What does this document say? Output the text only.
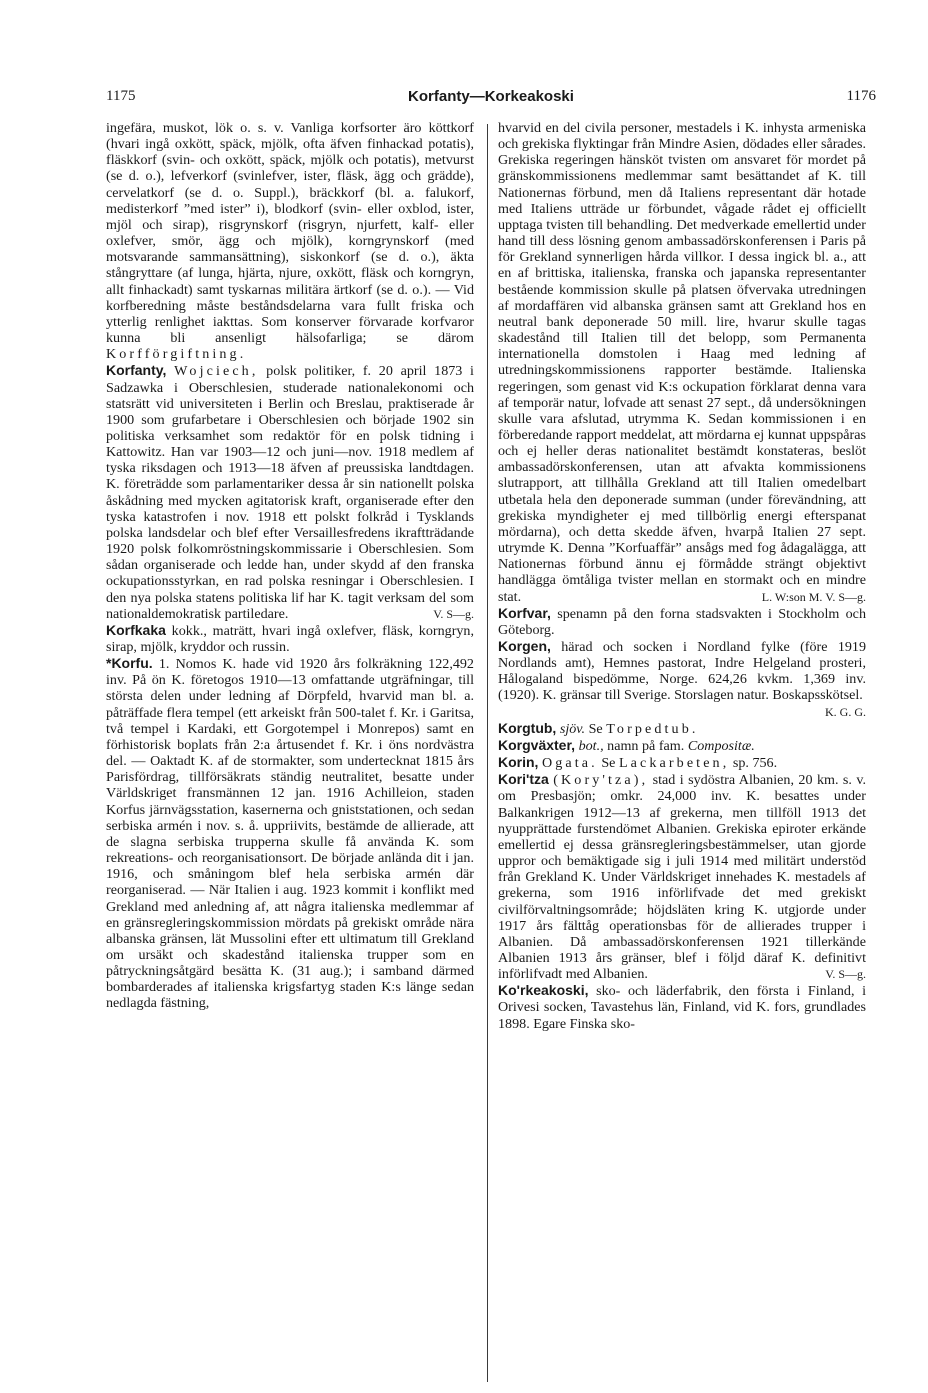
1175	Korfanty—Korkeakoski	1176

ingefära, muskot, lök o. s. v. Vanliga korfsorter äro köttkorf (hvari ingå oxkött, späck, mjölk, ofta äfven finhackad potatis), fläskkorf (svin- och oxkött, späck, mjölk och potatis), metvurst (se d. o.), lefverkorf (svinlefver, ister, fläsk, ägg och grädde), cervelatkorf (se d. o. Suppl.), bräckkorf (bl. a. falukorf, medisterkorf ”med ister” i), blodkorf (svin- eller oxblod, ister, mjöl och sirap), risgrynskorf (risgryn, njurfett, kalf- eller oxlefver, smör, ägg och mjölk), korngrynskorf (med motsvarande sammansättning), siskonkorf (se d. o.), äkta stångryttare (af lunga, hjärta, njure, oxkött, fläsk och korngryn, allt finhackadt) samt tyskarnas militära ärtkorf (se d. o.). — Vid korfberedning måste beståndsdelarna vara fullt friska och ytterlig renlighet iakttas. Som konserver förvarade korfvaror kunna bli ansenligt hälsofarliga; se därom Korfförgiftning.

Korfanty, Wojciech, polsk politiker, f. 20 april 1873 i Sadzawka i Oberschlesien, studerade nationalekonomi och statsrätt vid universiteten i Berlin och Breslau, praktiserade år 1900 som grufarbetare i Oberschlesien och började 1902 sin politiska verksamhet som redaktör för en polsk tidning i Kattowitz. Han var 1903—12 och juni—nov. 1918 medlem af tyska riksdagen och 1913—18 äfven af preussiska landtdagen. K. företrädde som parlamentariker dessa år sin nationellt polska åskådning med mycken agitatorisk kraft, organiserade efter den tyska katastrofen i nov. 1918 ett polskt folkråd i Tysklands polska landsdelar och blef efter Versaillesfredens ikraftträdande 1920 polsk folkomröstningskommissarie i Oberschlesien. Som sådan organiserade och ledde han, under skydd af den franska ockupationsstyrkan, en rad polska resningar i Oberschlesien. I den nya polska statens politiska lif har K. tagit verksam del som nationaldemokratisk partiledare.	V. S—g.

Korfkaka kokk., maträtt, hvari ingå oxlefver, fläsk, korngryn, sirap, mjölk, kryddor och russin.

*Korfu. 1. Nomos K. hade vid 1920 års folkräkning 122,492 inv. På ön K. företogos 1910—13 omfattande utgräfningar, till största delen under ledning af Dörpfeld, hvarvid man bl. a. påträffade flera tempel (ett arkeiskt från 500-talet f. Kr. i Garitsa, två tempel i Kardaki, ett Gorgotempel i Monrepos) samt en förhistorisk boplats från 2:a årtusendet f. Kr. i öns nordvästra del. — Oaktadt K. af de stormakter, som undertecknat 1815 års Parisfördrag, tillförsäkrats ständig neutralitet, besatte under Världskriget fransmännen 12 jan. 1916 Achilleion, staden Korfus järnvägsstation, kasernerna och gniststationen, och sedan serbiska armén i nov. s. å. uppriivits, bestämde de allierade, att de slagna serbiska trupperna skulle få använda K. som rekreations- och reorganisationsort. De började anlända dit i jan. 1916, och småningom blef hela serbiska armén där reorganiserad. — När Italien i aug. 1923 kommit i konflikt med Grekland med anledning af, att några italienska medlemmar af en gränsregleringskommission mördats på grekiskt område nära albanska gränsen, lät Mussolini efter ett ultimatum till Grekland om ursäkt och skadestånd italienska trupper som en påtryckningsåtgärd besätta K. (31 aug.); i samband därmed bombarderades af italienska krigsfartyg staden K:s länge sedan nedlagda fästning,

hvarvid en del civila personer, mestadels i K. inhysta armeniska och grekiska flyktingar från Mindre Asien, dödades eller sårades. Grekiska regeringen hänsköt tvisten om ansvaret för mordet på gränskommissionens medlemmar samt besättandet af K. till Nationernas förbund, men då Italiens representant där hotade med Italiens utträde ur förbundet, vågade rådet ej officiellt upptaga tvisten till behandling. Det medverkade emellertid under hand till dess lösning genom ambassadörskonferensen i Paris på för Grekland synnerligen hårda villkor. I dessa ingick bl. a., att en af brittiska, italienska, franska och japanska representanter bestående kommission skulle på platsen öfvervaka utredningen af mordaffären vid albanska gränsen samt att Grekland hos en neutral bank deponerade 50 mill. lire, hvarur skulle tagas skadestånd till Italien till det belopp, som Permanenta internationella domstolen i Haag med ledning af utredningskommissionens rapporter bestämde. Italienska regeringen, som genast vid K:s ockupation förklarat denna vara af temporär natur, lofvade att senast 27 sept., då undersökningen skulle vara afslutad, utrymma K. Sedan kommissionen i en förberedande rapport meddelat, att mördarna ej kunnat uppspåras och ej heller deras nationalitet bestämdt konstateras, beslöt ambassadörskonferensen, utan att afvakta kommissionens slutrapport, att tillhålla Grekland att till Italien omedelbart utbetala hela den deponerade summan (under förevändning, att grekiska myndigheter ej med tillbörlig energi efterspanat mördarna), och detta skedde äfven, hvarpå Italien 27 sept. utrymde K. Denna ”Korfuaffär” ansågs med fog ådagalägga, att Nationernas förbund ännu ej förmådde strängt objektivt handlägga ömtåliga tvister mellan en stormakt och en mindre stat.	L. W:son M. V. S—g.

Korfvar, spenamn på den forna stadsvakten i Stockholm och Göteborg.

Korgen, härad och socken i Nordland fylke (före 1919 Nordlands amt), Hemnes pastorat, Indre Helgeland prosteri, Hålogaland bispedömme, Norge. 624,26 kvkm. 1,369 inv. (1920). K. gränsar till Sverige. Storslagen natur. Boskapsskötsel.
K. G. G.

Korgtub, sjöv. Se Torpedtub.

Korgväxter, bot., namn på fam. Compositæ.

Korin, Ogata. Se Lackarbeten, sp. 756.

Kori'tza (Kory'tza), stad i sydöstra Albanien, 20 km. s. v. om Presbasjön; omkr. 24,000 inv. K. besattes under Balkankrigen 1912—13 af grekerna, men tillföll 1913 det nyupprättade furstendömet Albanien. Grekiska epiroter erkände emellertid ej dessa gränsregleringsbestämmelser, utan gjorde uppror och bemäktigade sig i juli 1914 med militärt understöd från Grekland K. Under Världskriget innehades K. mestadels af grekerna, som 1916 införlifvade det med grekiskt civilförvaltningsområde; höjdsläten kring K. utgjorde under 1917 års fälttåg operationsbas för de allierades trupper i Albanien. Då ambassadörskonferensen 1921 tillerkände Albanien 1913 års gränser, blef i följd däraf K. definitivt införlifvadt med Albanien.	V. S—g.

Ko'rkeakoski, sko- och läderfabrik, den första i Finland, i Orivesi socken, Tavastehus län, Finland, vid K. fors, grundlades 1898. Egare Finska sko-
